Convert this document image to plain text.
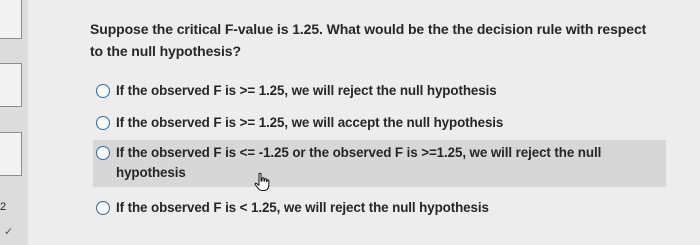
2
✓
Suppose the critical F-value is 1.25. What would be the the decision rule with respect to the null hypothesis?
If the observed F is >= 1.25, we will reject the null hypothesis
If the observed F is >= 1.25, we will accept the null hypothesis
If the observed F is <= -1.25 or the observed F is >=1.25, we will reject the null hypothesis
If the observed F is < 1.25, we will reject the null hypothesis
